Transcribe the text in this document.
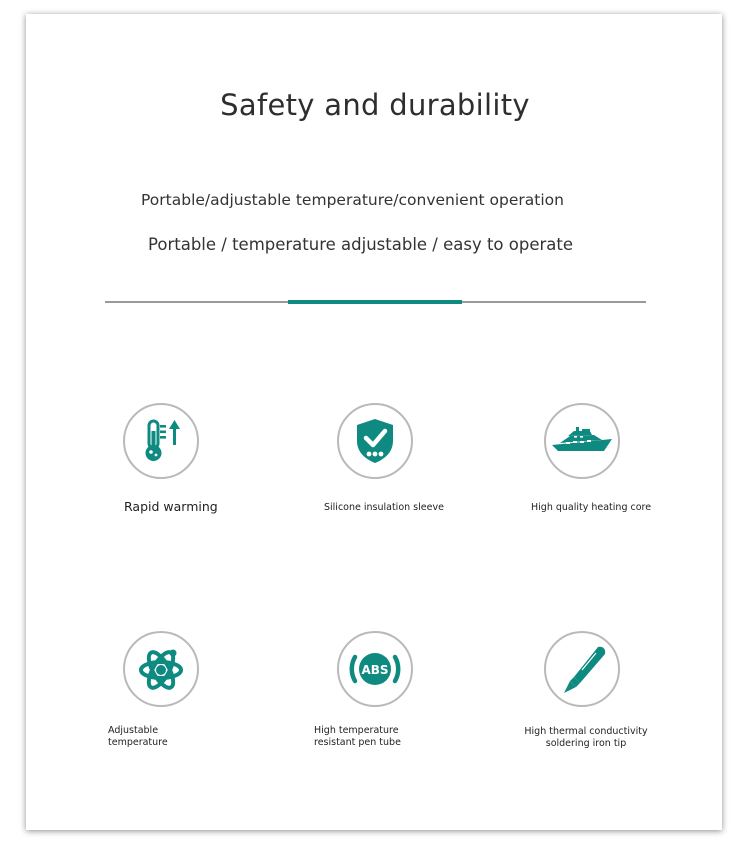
Safety and durability
Portable/adjustable temperature/convenient operation
Portable / temperature adjustable / easy to operate
Rapid warming	Silicone insulation sleeve	High quality heating core
Adjustable
temperature
ABS
High temperature
resistant pen tube
High thermal conductivity
soldering iron tip
